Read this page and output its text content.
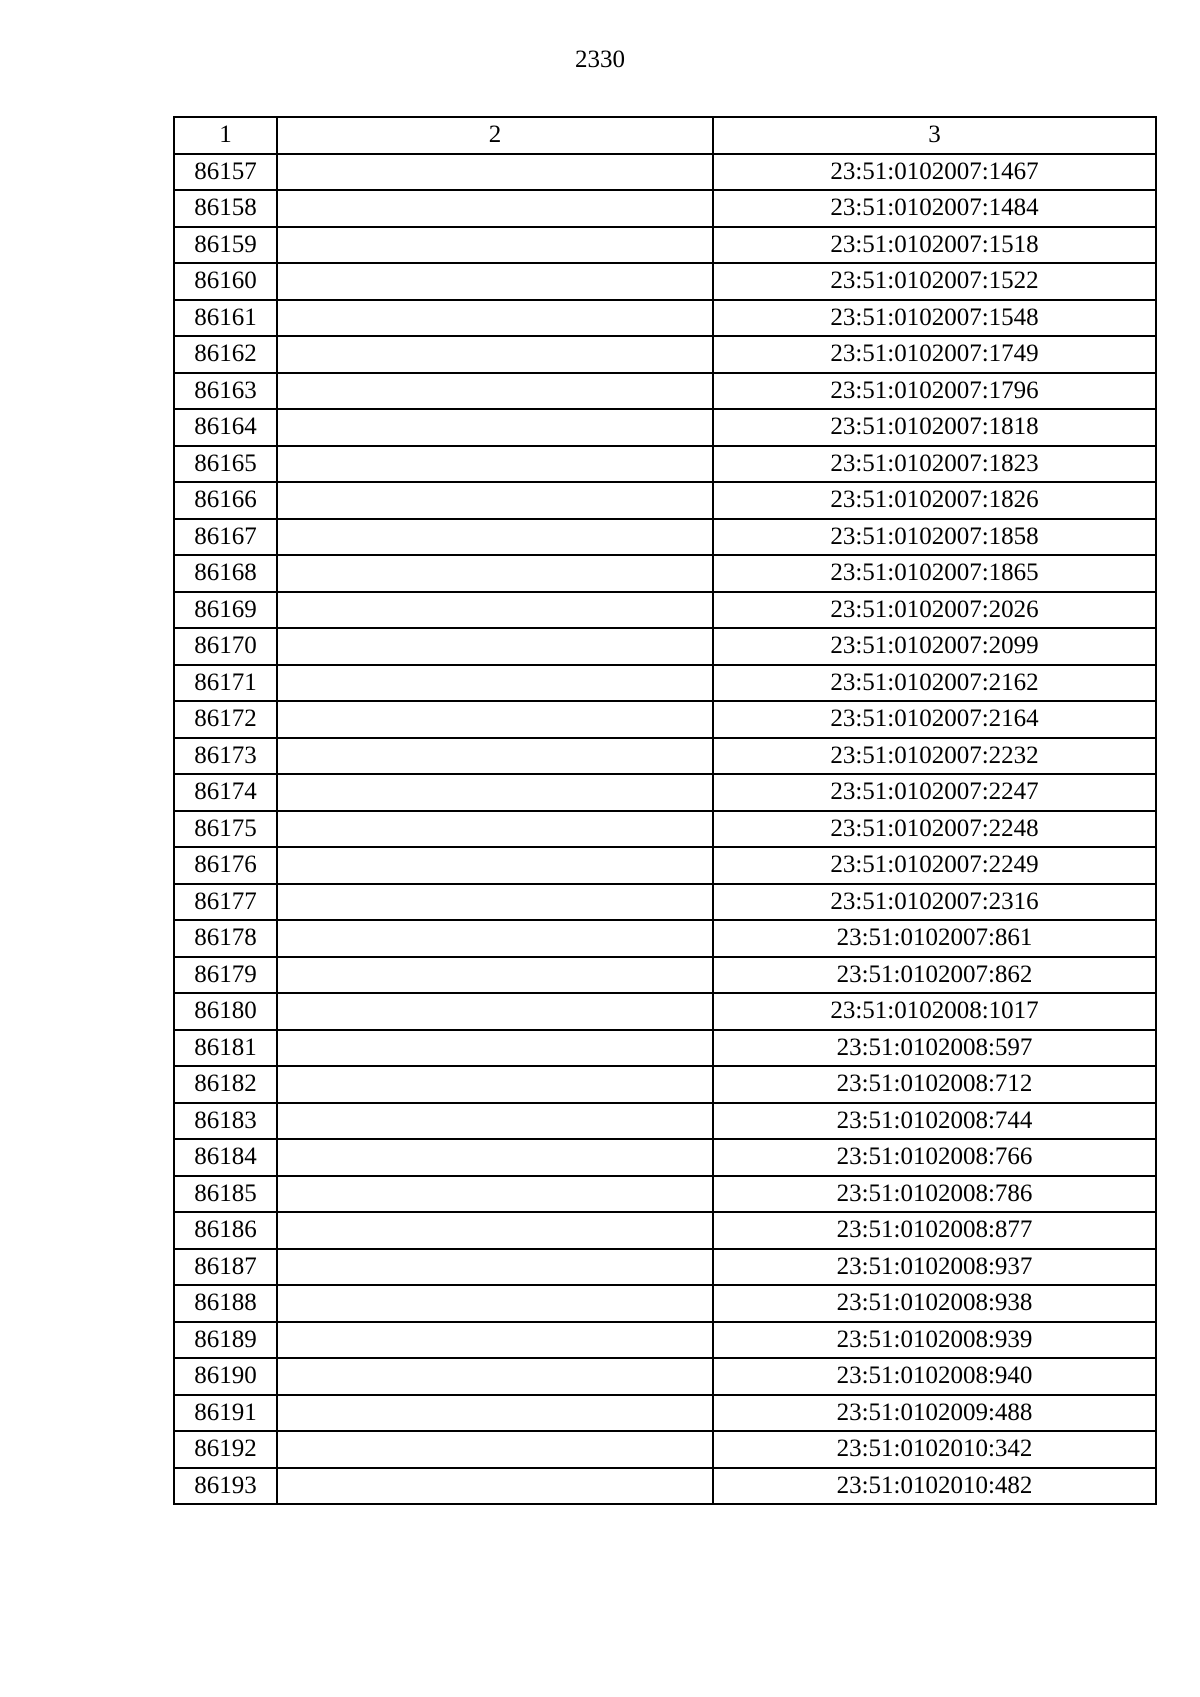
2330
1	2	3
86157		23:51:0102007:1467
86158		23:51:0102007:1484
86159		23:51:0102007:1518
86160		23:51:0102007:1522
86161		23:51:0102007:1548
86162		23:51:0102007:1749
86163		23:51:0102007:1796
86164		23:51:0102007:1818
86165		23:51:0102007:1823
86166		23:51:0102007:1826
86167		23:51:0102007:1858
86168		23:51:0102007:1865
86169		23:51:0102007:2026
86170		23:51:0102007:2099
86171		23:51:0102007:2162
86172		23:51:0102007:2164
86173		23:51:0102007:2232
86174		23:51:0102007:2247
86175		23:51:0102007:2248
86176		23:51:0102007:2249
86177		23:51:0102007:2316
86178		23:51:0102007:861
86179		23:51:0102007:862
86180		23:51:0102008:1017
86181		23:51:0102008:597
86182		23:51:0102008:712
86183		23:51:0102008:744
86184		23:51:0102008:766
86185		23:51:0102008:786
86186		23:51:0102008:877
86187		23:51:0102008:937
86188		23:51:0102008:938
86189		23:51:0102008:939
86190		23:51:0102008:940
86191		23:51:0102009:488
86192		23:51:0102010:342
86193		23:51:0102010:482
